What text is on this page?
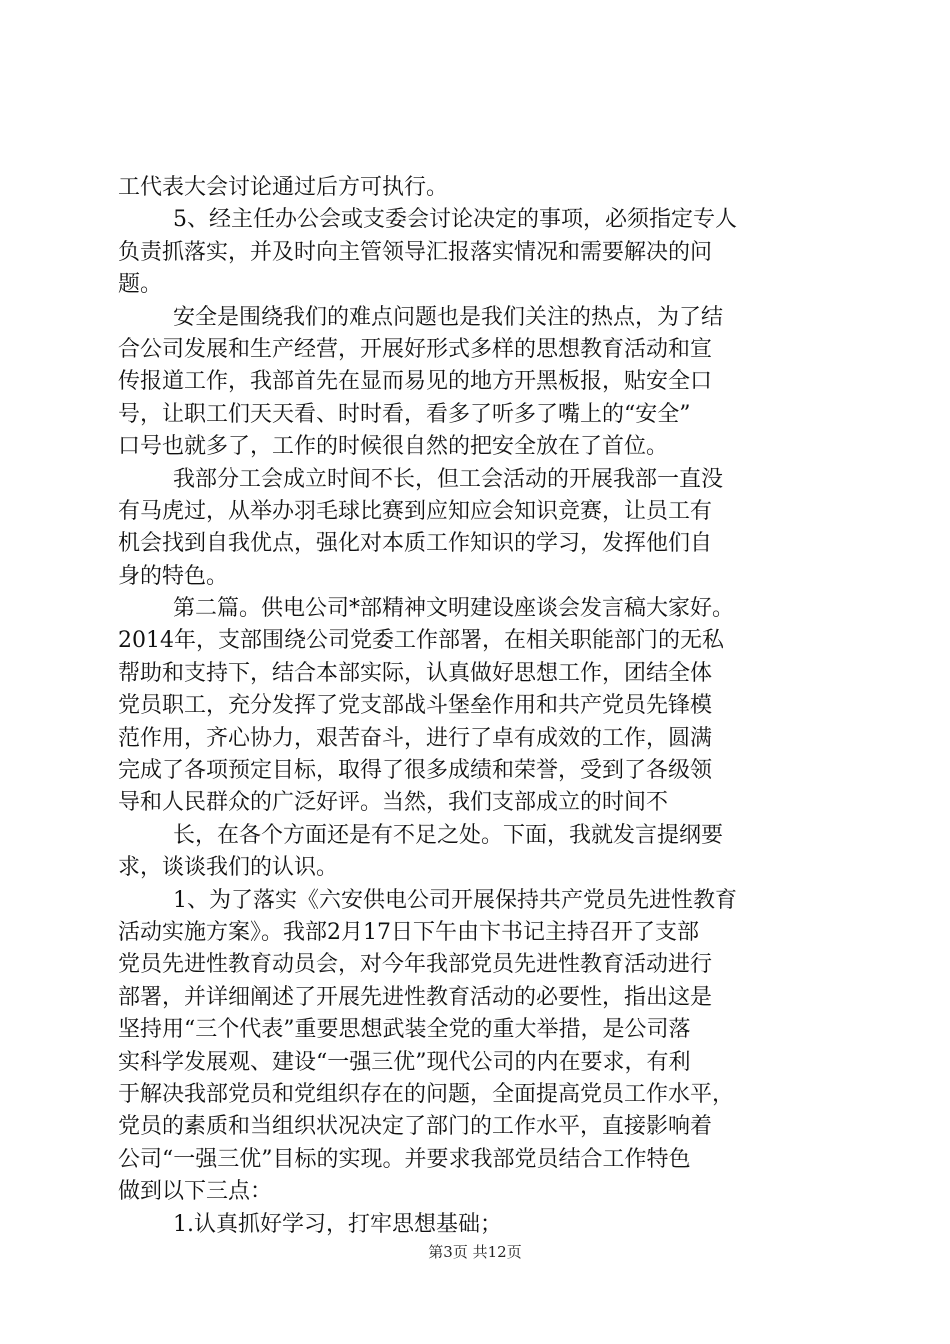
工代表大会讨论通过后方可执行。
5、经主任办公会或支委会讨论决定的事项，必须指定专人
负责抓落实，并及时向主管领导汇报落实情况和需要解决的问
题。
安全是围绕我们的难点问题也是我们关注的热点，为了结
合公司发展和生产经营，开展好形式多样的思想教育活动和宣
传报道工作，我部首先在显而易见的地方开黑板报，贴安全口
号，让职工们天天看、时时看，看多了听多了嘴上的“安全”
口号也就多了，工作的时候很自然的把安全放在了首位。
我部分工会成立时间不长，但工会活动的开展我部一直没
有马虎过，从举办羽毛球比赛到应知应会知识竞赛，让员工有
机会找到自我优点，强化对本质工作知识的学习，发挥他们自
身的特色。
第二篇。供电公司*部精神文明建设座谈会发言稿大家好。
2014年，支部围绕公司党委工作部署，在相关职能部门的无私
帮助和支持下，结合本部实际，认真做好思想工作，团结全体
党员职工，充分发挥了党支部战斗堡垒作用和共产党员先锋模
范作用，齐心协力，艰苦奋斗，进行了卓有成效的工作，圆满
完成了各项预定目标，取得了很多成绩和荣誉，受到了各级领
导和人民群众的广泛好评。当然，我们支部成立的时间不
长，在各个方面还是有不足之处。下面，我就发言提纲要
求，谈谈我们的认识。
1、为了落实《六安供电公司开展保持共产党员先进性教育
活动实施方案》。我部2月17日下午由卞书记主持召开了支部
党员先进性教育动员会，对今年我部党员先进性教育活动进行
部署，并详细阐述了开展先进性教育活动的必要性，指出这是
坚持用“三个代表”重要思想武装全党的重大举措，是公司落
实科学发展观、建设“一强三优”现代公司的内在要求，有利
于解决我部党员和党组织存在的问题，全面提高党员工作水平，
党员的素质和当组织状况决定了部门的工作水平，直接影响着
公司“一强三优”目标的实现。并要求我部党员结合工作特色
做到以下三点：
1.认真抓好学习，打牢思想基础；
第3页 共12页
